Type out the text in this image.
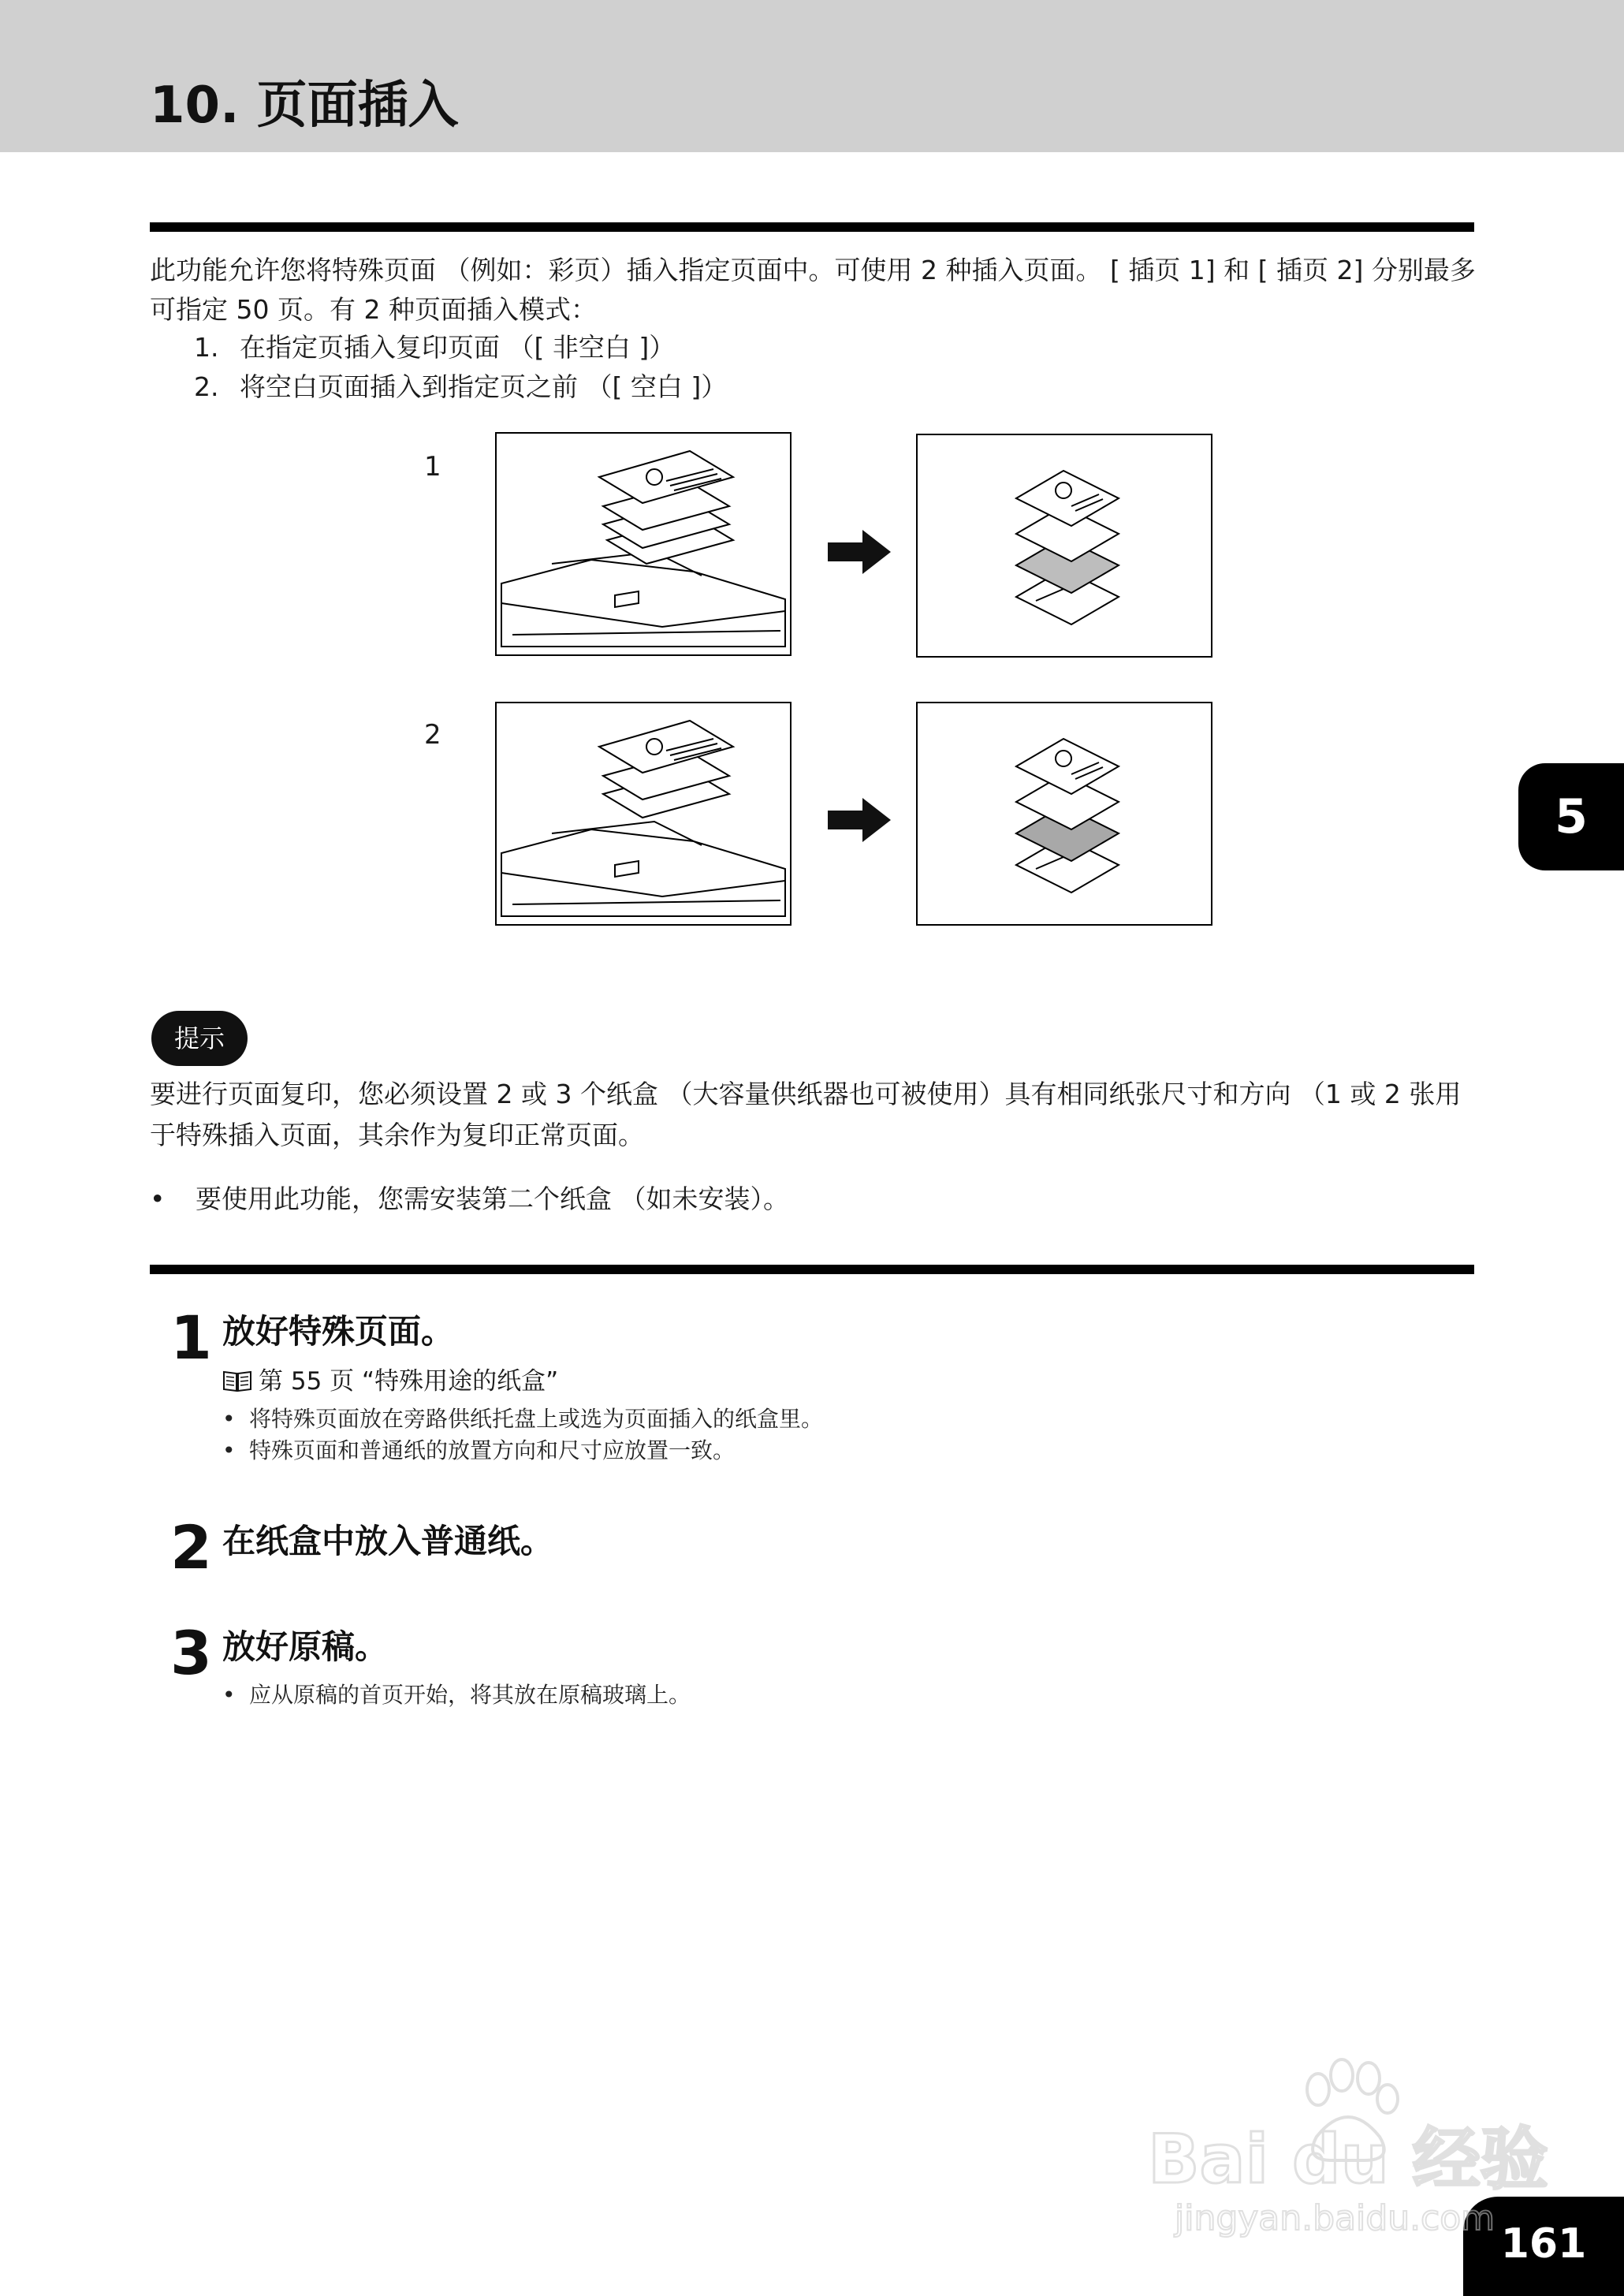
10. 页面插入
此功能允许您将特殊页面 （例如：彩页）插入指定页面中。可使用 2 种插入页面。 [ 插页 1] 和 [ 插页 2] 分别最多可指定 50 页。有 2 种页面插入模式：
1. 在指定页插入复印页面 （[ 非空白 ]）
2. 将空白页面插入到指定页之前 （[ 空白 ]）
1
2
提示
要进行页面复印，您必须设置 2 或 3 个纸盒 （大容量供纸器也可被使用）具有相同纸张尺寸和方向 （1 或 2 张用于特殊插入页面，其余作为复印正常页面。
• 要使用此功能，您需安装第二个纸盒 （如未安装）。
1 放好特殊页面。
第 55 页 “特殊用途的纸盒”
• 将特殊页面放在旁路供纸托盘上或选为页面插入的纸盒里。
• 特殊页面和普通纸的放置方向和尺寸应放置一致。
2 在纸盒中放入普通纸。
3 放好原稿。
• 应从原稿的首页开始，将其放在原稿玻璃上。
5
161
Bai du 经验
jingyan.baidu.com
